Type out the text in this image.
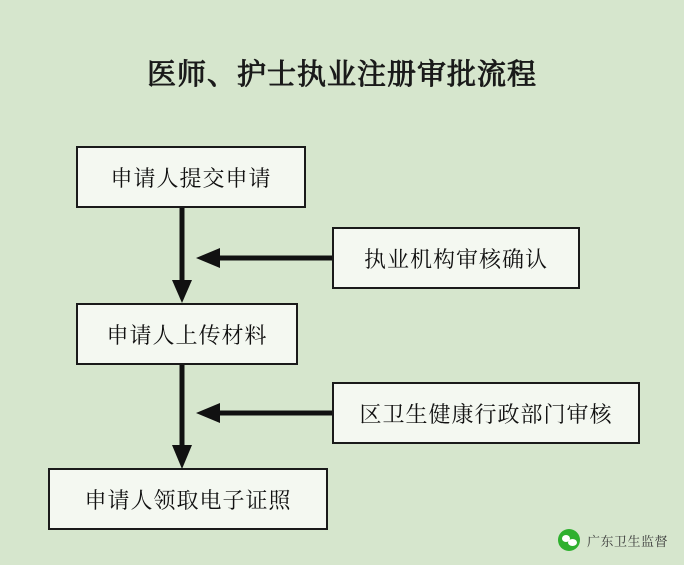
医师、护士执业注册审批流程
申请人提交申请
执业机构审核确认
申请人上传材料
区卫生健康行政部门审核
申请人领取电子证照
广东卫生监督
